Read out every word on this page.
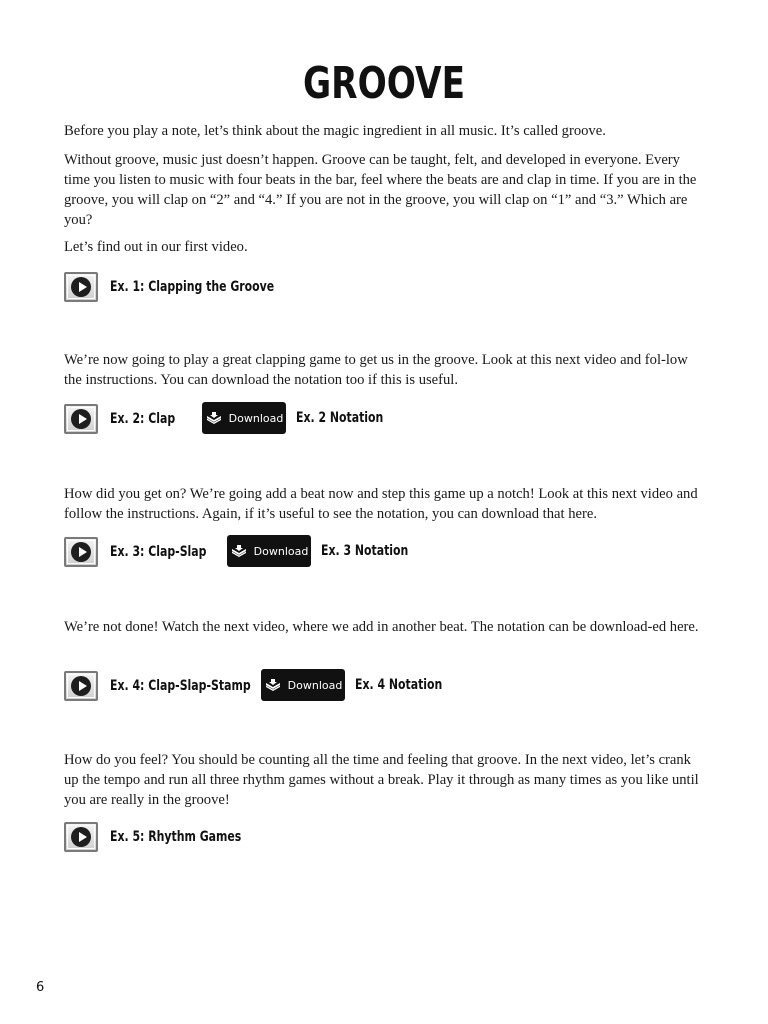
GROOVE

Before you play a note, let’s think about the magic ingredient in all music. It’s called groove.

Without groove, music just doesn’t happen. Groove can be taught, felt, and developed in everyone. Every time you listen to music with four beats in the bar, feel where the beats are and clap in time. If you are in the groove, you will clap on “2” and “4.” If you are not in the groove, you will clap on “1” and “3.” Which are you?

Let’s find out in our first video.

Ex. 1: Clapping the Groove

We’re now going to play a great clapping game to get us in the groove. Look at this next video and fol-low the instructions. You can download the notation too if this is useful.

Ex. 2: Clap	Download Ex. 2 Notation

How did you get on? We’re going add a beat now and step this game up a notch! Look at this next video and follow the instructions. Again, if it’s useful to see the notation, you can download that here.

Ex. 3: Clap-Slap	Download Ex. 3 Notation

We’re not done! Watch the next video, where we add in another beat. The notation can be download-ed here.

Ex. 4: Clap-Slap-Stamp	Download Ex. 4 Notation

How do you feel? You should be counting all the time and feeling that groove. In the next video, let’s crank up the tempo and run all three rhythm games without a break. Play it through as many times as you like until you are really in the groove!

Ex. 5: Rhythm Games
6
